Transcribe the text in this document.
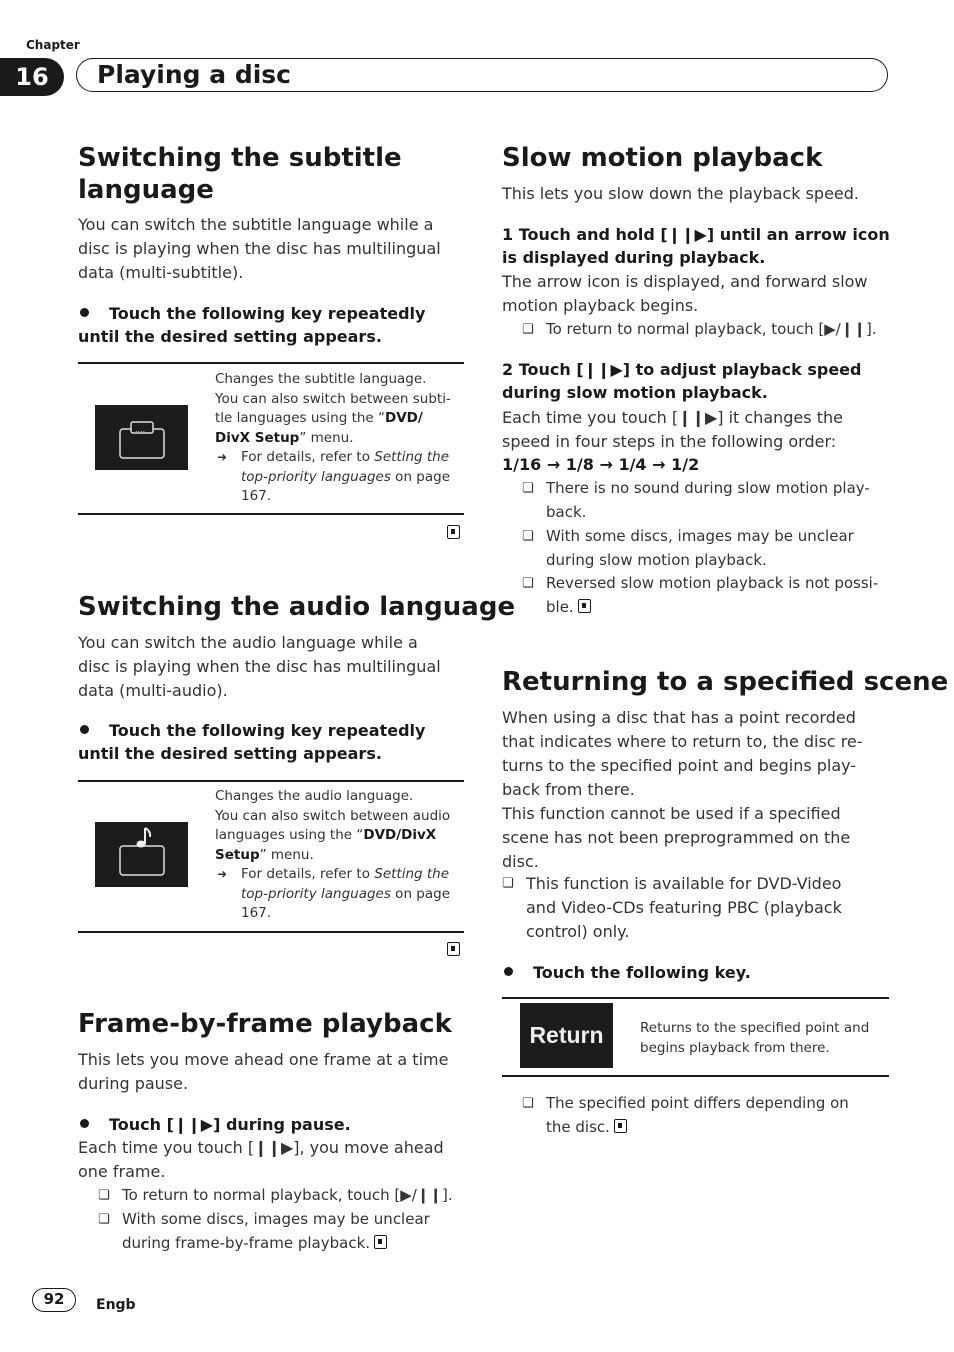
Chapter
16	Playing a disc
Switching the subtitle
language
You can switch the subtitle language while a
disc is playing when the disc has multilingual
data (multi-subtitle).
Touch the following key repeatedly
until the desired setting appears.
....
Changes the subtitle language.
You can also switch between subti-
tle languages using the “DVD/
DivX Setup” menu.
➜ For details, refer to Setting the
top-priority languages on page
167.
Switching the audio language
You can switch the audio language while a
disc is playing when the disc has multilingual
data (multi-audio).
Touch the following key repeatedly
until the desired setting appears.
Changes the audio language.
You can also switch between audio
languages using the “DVD/DivX
Setup” menu.
➜ For details, refer to Setting the
top-priority languages on page
167.
Frame-by-frame playback
This lets you move ahead one frame at a time
during pause.
Touch [❙❙▶] during pause.
Each time you touch [❙❙▶], you move ahead
one frame.
❏ To return to normal playback, touch [▶/❙❙].
❏ With some discs, images may be unclear
during frame-by-frame playback.
Slow motion playback
This lets you slow down the playback speed.
1 Touch and hold [❙❙▶] until an arrow icon
is displayed during playback.
The arrow icon is displayed, and forward slow
motion playback begins.
❏ To return to normal playback, touch [▶/❙❙].
2 Touch [❙❙▶] to adjust playback speed
during slow motion playback.
Each time you touch [❙❙▶] it changes the
speed in four steps in the following order:
1/16 → 1/8 → 1/4 → 1/2
❏ There is no sound during slow motion play-
back.
❏ With some discs, images may be unclear
during slow motion playback.
❏ Reversed slow motion playback is not possi-
ble.
Returning to a specified scene
When using a disc that has a point recorded
that indicates where to return to, the disc re-
turns to the specified point and begins play-
back from there.
This function cannot be used if a specified
scene has not been preprogrammed on the
disc.
❏ This function is available for DVD-Video
and Video-CDs featuring PBC (playback
control) only.
Touch the following key.
Return	Returns to the specified point and
begins playback from there.
❏ The specified point differs depending on
the disc.
92	Engb
